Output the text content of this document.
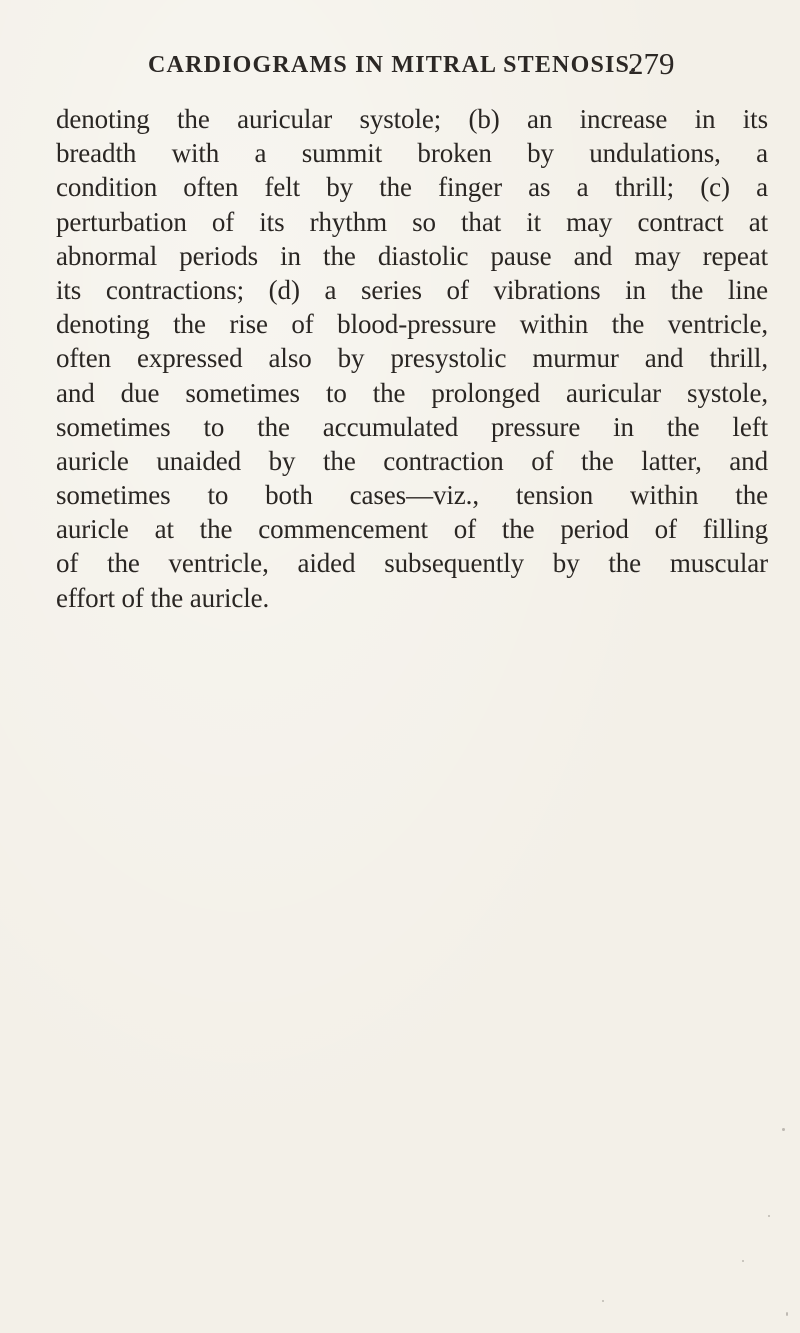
CARDIOGRAMS IN MITRAL STENOSIS.
279
denoting the auricular systole; (b) an increase in its
breadth with a summit broken by undulations, a
condition often felt by the finger as a thrill; (c) a
perturbation of its rhythm so that it may contract at
abnormal periods in the diastolic pause and may repeat
its contractions; (d) a series of vibrations in the line
denoting the rise of blood-pressure within the ventricle,
often expressed also by presystolic murmur and thrill,
and due sometimes to the prolonged auricular systole,
sometimes to the accumulated pressure in the left
auricle unaided by the contraction of the latter, and
sometimes to both cases—viz., tension within the
auricle at the commencement of the period of filling
of the ventricle, aided subsequently by the muscular
effort of the auricle.
